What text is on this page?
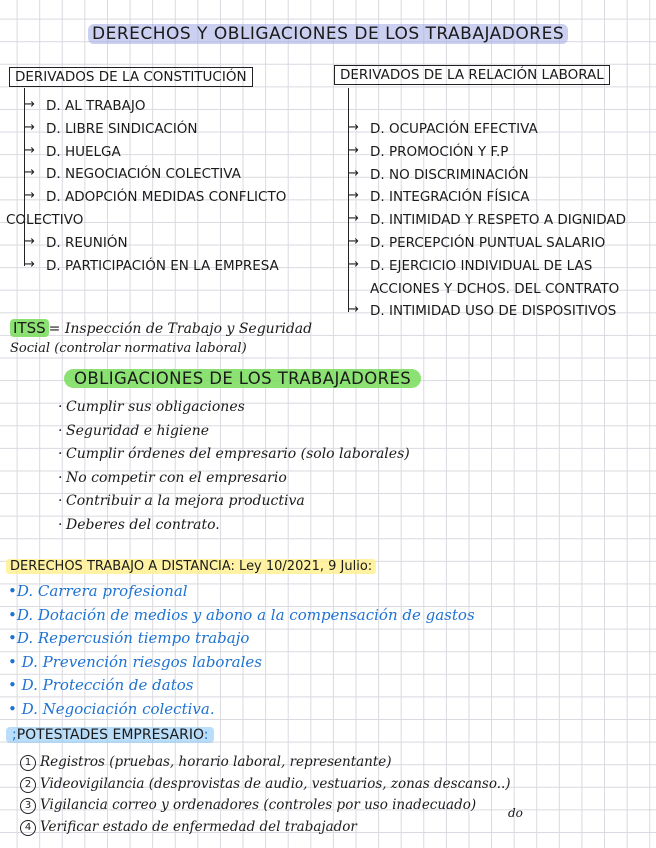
DERECHOS Y OBLIGACIONES DE LOS TRABAJADORES
DERIVADOS DE LA CONSTITUCIÓN
→ D. AL TRABAJO
→ D. LIBRE SINDICACIÓN
→ D. HUELGA
→ D. NEGOCIACIÓN COLECTIVA
→ D. ADOPCIÓN MEDIDAS CONFLICTO
COLECTIVO
→ D. REUNIÓN
→ D. PARTICIPACIÓN EN LA EMPRESA
DERIVADOS DE LA RELACIÓN LABORAL
→ D. OCUPACIÓN EFECTIVA
→ D. PROMOCIÓN Y F.P
→ D. NO DISCRIMINACIÓN
→ D. INTEGRACIÓN FÍSICA
→ D. INTIMIDAD Y RESPETO A DIGNIDAD
→ D. PERCEPCIÓN PUNTUAL SALARIO
→ D. EJERCICIO INDIVIDUAL DE LAS
ACCIONES Y DCHOS. DEL CONTRATO
→ D. INTIMIDAD USO DE DISPOSITIVOS
ITSS = Inspección de Trabajo y Seguridad
Social (controlar normativa laboral)
OBLIGACIONES DE LOS TRABAJADORES
· Cumplir sus obligaciones
· Seguridad e higiene
· Cumplir órdenes del empresario (solo laborales)
· No competir con el empresario
· Contribuir a la mejora productiva
· Deberes del contrato.
DERECHOS TRABAJO A DISTANCIA: Ley 10/2021, 9 Julio:
•D. Carrera profesional
•D. Dotación de medios y abono a la compensación de gastos
•D. Repercusión tiempo trabajo
• D. Prevención riesgos laborales
• D. Protección de datos
• D. Negociación colectiva.
;POTESTADES EMPRESARIO:
1 Registros (pruebas, horario laboral, representante)
2 Videovigilancia (desprovistas de audio, vestuarios, zonas descanso..)
3 Vigilancia correo y ordenadores (controles por uso inadecuado)
4 Verificar estado de enfermedad del trabajador
do
